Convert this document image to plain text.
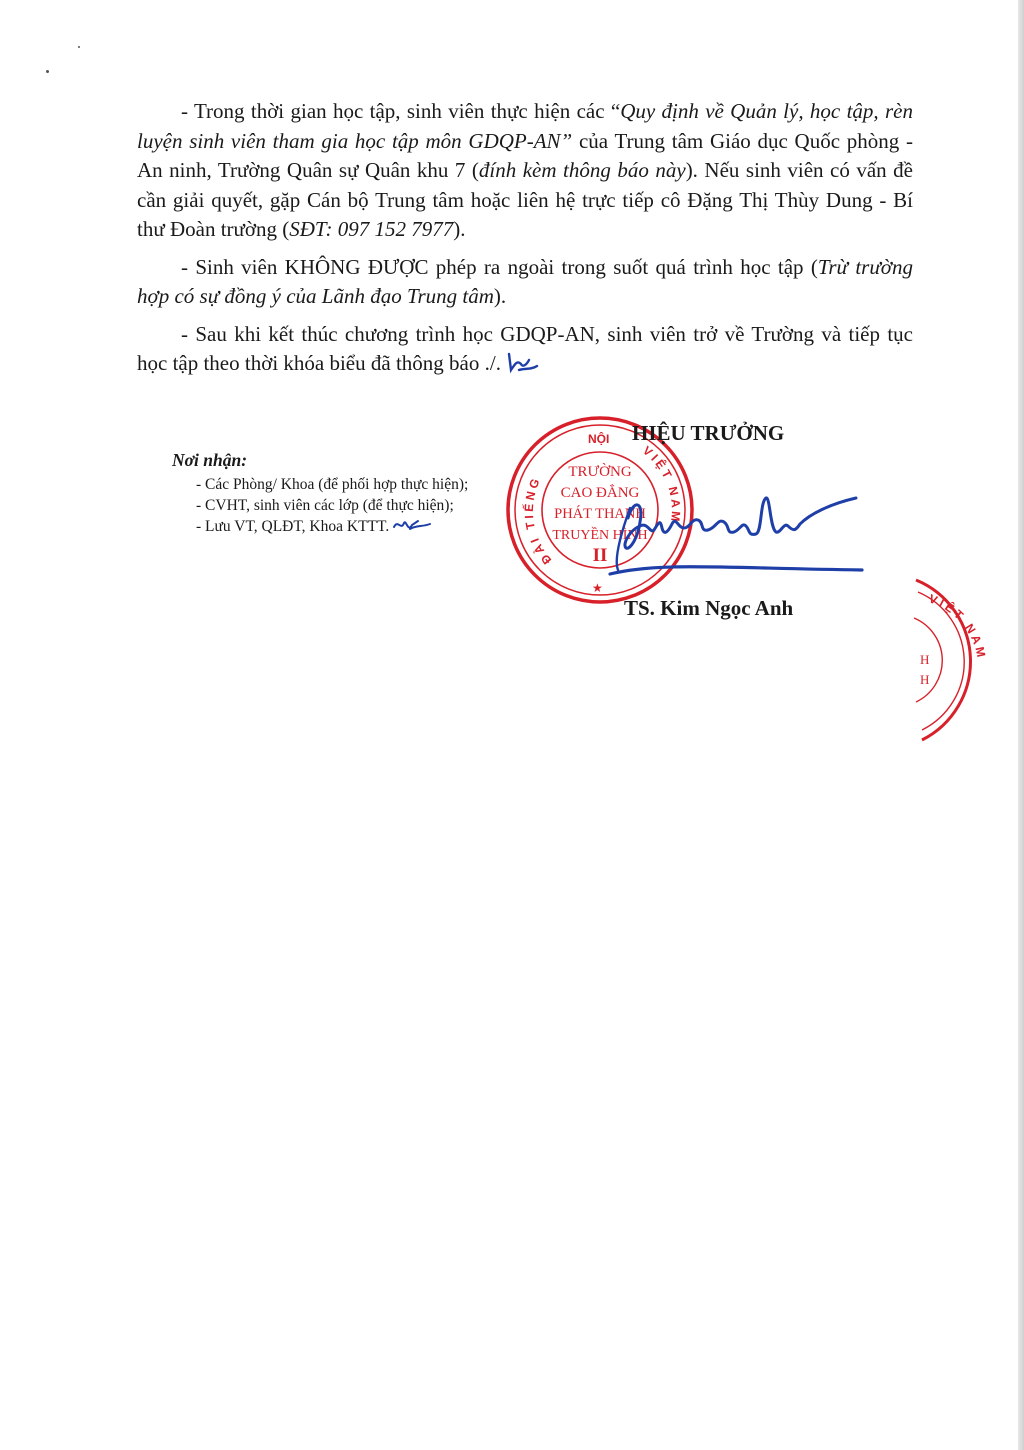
- Trong thời gian học tập, sinh viên thực hiện các “Quy định về Quản lý, học tập, rèn luyện sinh viên tham gia học tập môn GDQP-AN” của Trung tâm Giáo dục Quốc phòng - An ninh, Trường Quân sự Quân khu 7 (đính kèm thông báo này). Nếu sinh viên có vấn đề cần giải quyết, gặp Cán bộ Trung tâm hoặc liên hệ trực tiếp cô Đặng Thị Thùy Dung - Bí thư Đoàn trường (SĐT: 097 152 7977).

- Sinh viên KHÔNG ĐƯỢC phép ra ngoài trong suốt quá trình học tập (Trừ trường hợp có sự đồng ý của Lãnh đạo Trung tâm).

- Sau khi kết thúc chương trình học GDQP-AN, sinh viên trở về Trường và tiếp tục học tập theo thời khóa biểu đã thông báo ./.

Nơi nhận:
- Các Phòng/ Khoa (để phối hợp thực hiện);
- CVHT, sinh viên các lớp (để thực hiện);
- Lưu VT, QLĐT, Khoa KTTT.
NỘI
ĐÀI TIẾNG
VIỆT NAM
TRƯỜNG
CAO ĐẲNG
PHÁT THANH
TRUYỀN HÌNH
II
★
HIỆU TRƯỞNG
TS. Kim Ngọc Anh	VIỆT NAM
H
H
